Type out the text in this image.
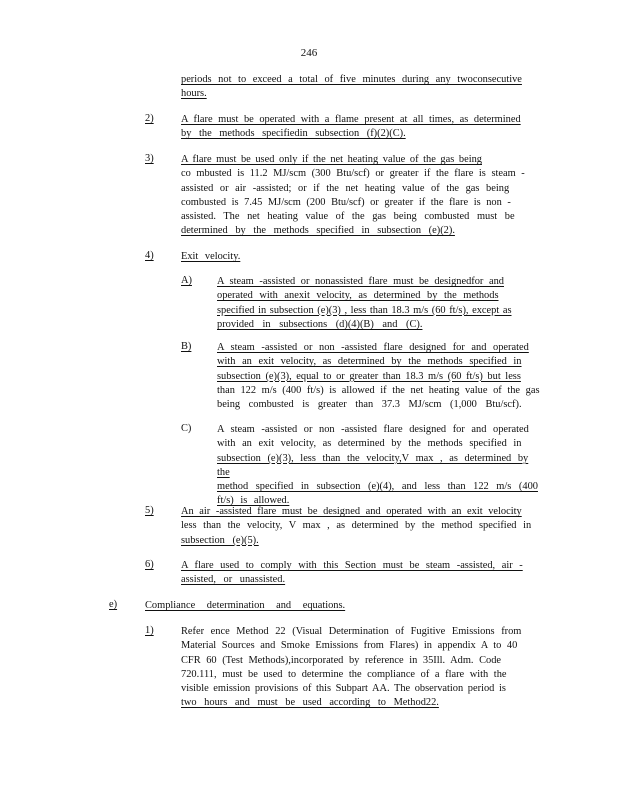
246
periods not to exceed a total of five minutes during any twoconsecutive
hours.
2)	A flare must be operated with a flame present at all times, as determined
by the methods specifiedin subsection (f)(2)(C).
3)	A flare must be used only if the net heating value of the gas being
co mbusted is 11.2 MJ/scm (300 Btu/scf) or greater if the flare is steam -
assisted or air -assisted; or if the net heating value of the gas being
combusted is 7.45 MJ/scm (200 Btu/scf) or greater if the flare is non -
assisted. The net heating value of the gas being combusted must be
determined by the methods specified in subsection (e)(2).
4)	Exit velocity.
A) A steam -assisted or nonassisted flare must be designedfor and
operated with anexit velocity, as determined by the methods
specified in subsection (e)(3) , less than 18.3 m/s (60 ft/s), except as
provided in subsections (d)(4)(B) and (C).
B) A steam -assisted or non -assisted flare designed for and operated
with an exit velocity, as determined by the methods specified in
subsection (e)(3), equal to or greater than 18.3 m/s (60 ft/s) but less
than 122 m/s (400 ft/s) is allowed if the net heating value of the gas
being combusted is greater than 37.3 MJ/scm (1,000 Btu/scf).
C) A steam -assisted or non -assisted flare designed for and operated
with an exit velocity, as determined by the methods specified in
subsection (e)(3), less than the velocity,V max , as determined by the
method specified in subsection (e)(4), and less than 122 m/s (400
ft/s) is allowed.
5)	An air -assisted flare must be designed and operated with an exit velocity
less than the velocity, V max , as determined by the method specified in
subsection (e)(5).
6)	A flare used to comply with this Section must be steam -assisted, air -
assisted, or unassisted.
e)	Compliance determination and equations.
1)	Refer ence Method 22 (Visual Determination of Fugitive Emissions from
Material Sources and Smoke Emissions from Flares) in appendix A to 40
CFR 60 (Test Methods),incorporated by reference in 35Ill. Adm. Code
720.111, must be used to determine the compliance of a flare with the
visible emission provisions of this Subpart AA. The observation period is
two hours and must be used according to Method22.
